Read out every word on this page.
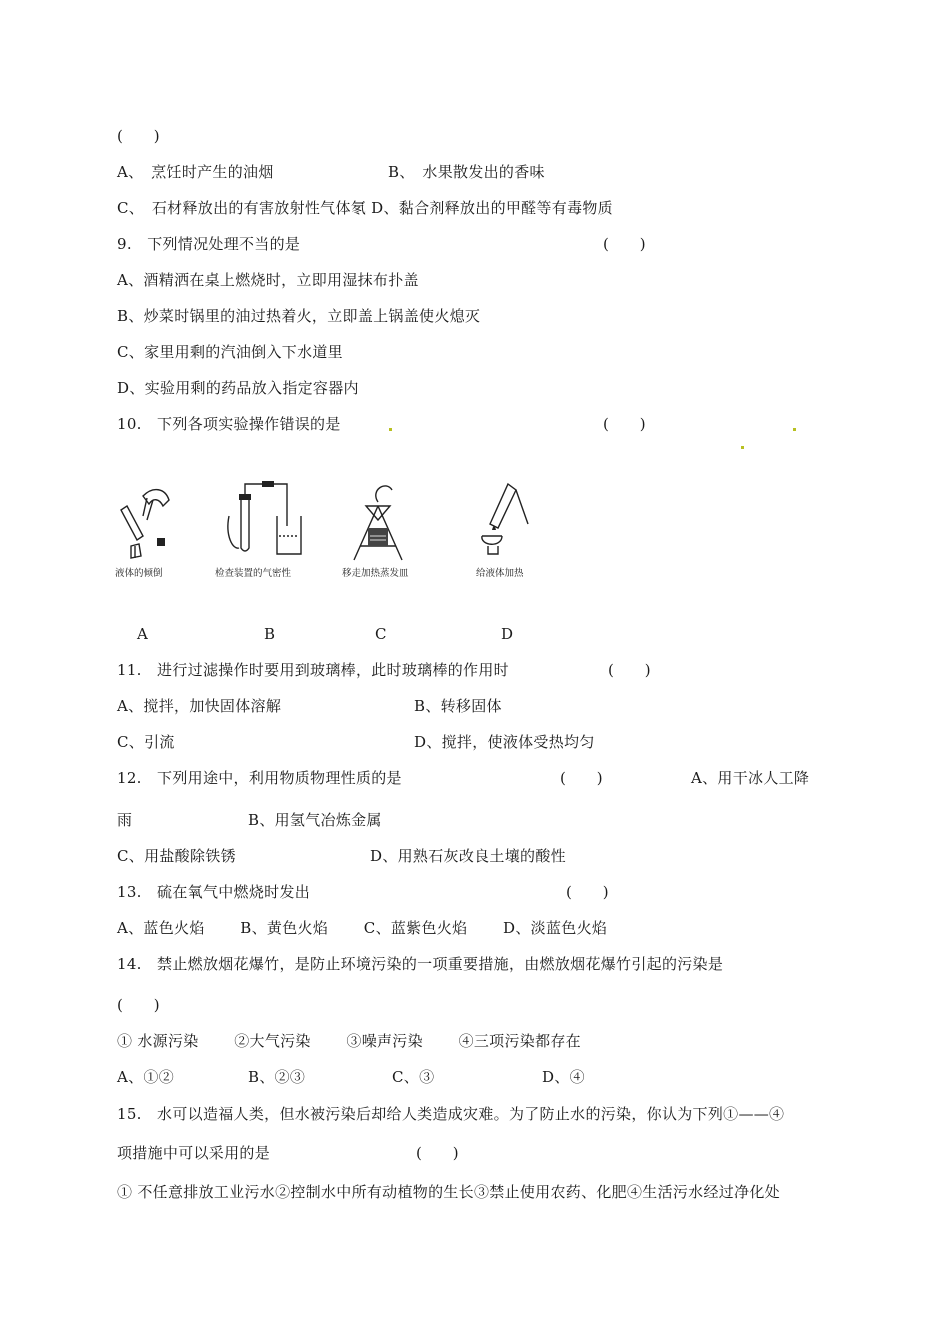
(　　)
A、　烹饪时产生的油烟	B、　水果散发出的香味
C、　石材释放出的有害放射性气体氡 D、黏合剂释放出的甲醛等有毒物质
9.　下列情况处理不当的是	(　　)
A、酒精洒在桌上燃烧时，立即用湿抹布扑盖
B、炒菜时锅里的油过热着火，立即盖上锅盖使火熄灭
C、家里用剩的汽油倒入下水道里
D、实验用剩的药品放入指定容器内
10.　下列各项实验操作错误的是	(　　)
液体的倾倒	检查装置的气密性	移走加热蒸发皿	给液体加热
A	B	C	D
11.　进行过滤操作时要用到玻璃棒，此时玻璃棒的作用时	(　　)
A、搅拌，加快固体溶解	B、转移固体
C、引流	D、搅拌，使液体受热均匀
12.　下列用途中，利用物质物理性质的是	(　　)	A、用干冰人工降
雨	B、用氢气冶炼金属
C、用盐酸除铁锈	D、用熟石灰改良土壤的酸性
13.　硫在氧气中燃烧时发出	(　　)
A、蓝色火焰　　 B、黄色火焰　　 C、蓝紫色火焰　　 D、淡蓝色火焰
14.　禁止燃放烟花爆竹，是防止环境污染的一项重要措施，由燃放烟花爆竹引起的污染是
(　　)
① 水源污染　　 ②大气污染　　 ③噪声污染　　 ④三项污染都存在
A、①②	B、②③	C、③	D、④
15.　水可以造福人类，但水被污染后却给人类造成灾难。为了防止水的污染，你认为下列①——④
项措施中可以采用的是	(　　)
① 不任意排放工业污水②控制水中所有动植物的生长③禁止使用农药、化肥④生活污水经过净化处
